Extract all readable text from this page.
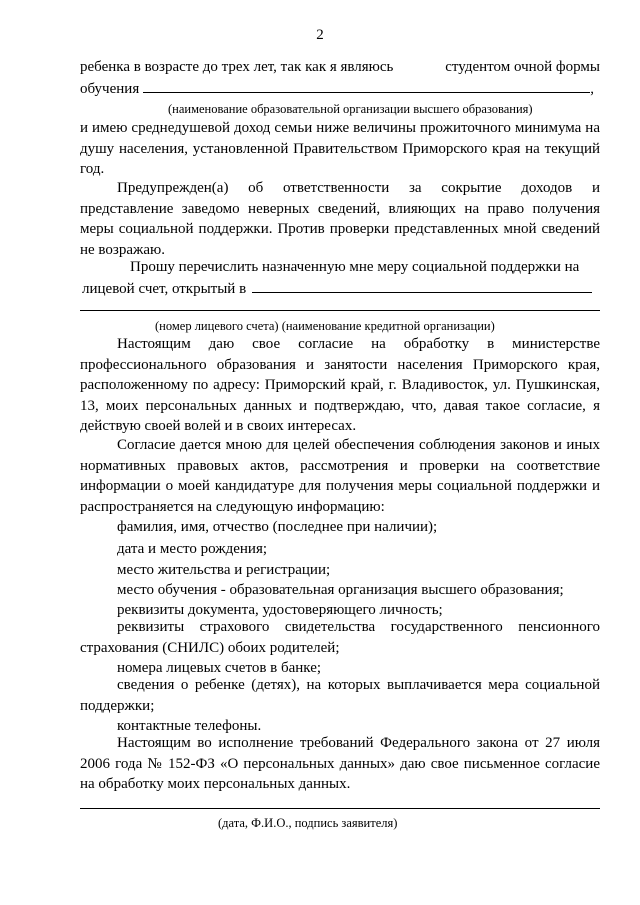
2
ребенка в возрасте до трех лет, так как я являюсь	студентом очной формы
обучения	,
(наименование образовательной организации высшего образования)
и имею среднедушевой доход семьи ниже величины прожиточного минимума на
душу населения, установленной Правительством Приморского края на текущий
год.
Предупрежден(а) об ответственности за сокрытие доходов и
представление заведомо неверных сведений, влияющих на право получения
меры социальной поддержки. Против проверки представленных мной сведений
не возражаю.
Прошу перечислить назначенную мне меру социальной поддержки на
лицевой счет, открытый в
(номер лицевого счета) (наименование кредитной организации)
Настоящим даю свое согласие на обработку в министерстве
профессионального образования и занятости населения Приморского края,
расположенному по адресу: Приморский край, г. Владивосток, ул. Пушкинская,
13, моих персональных данных и подтверждаю, что, давая такое согласие, я
действую своей волей и в своих интересах.
Согласие дается мною для целей обеспечения соблюдения законов и иных
нормативных правовых актов, рассмотрения и проверки на соответствие
информации о моей кандидатуре для получения меры социальной поддержки и
распространяется на следующую информацию:
фамилия, имя, отчество (последнее при наличии);
дата и место рождения;
место жительства и регистрации;
место обучения - образовательная организация высшего образования;
реквизиты документа, удостоверяющего личность;
реквизиты страхового свидетельства государственного пенсионного
страхования (СНИЛС) обоих родителей;
номера лицевых счетов в банке;
сведения о ребенке (детях), на которых выплачивается мера социальной
поддержки;
контактные телефоны.
Настоящим во исполнение требований Федерального закона от 27 июля
2006 года № 152-ФЗ «О персональных данных» даю свое письменное согласие
на обработку моих персональных данных.
(дата, Ф.И.О., подпись заявителя)
